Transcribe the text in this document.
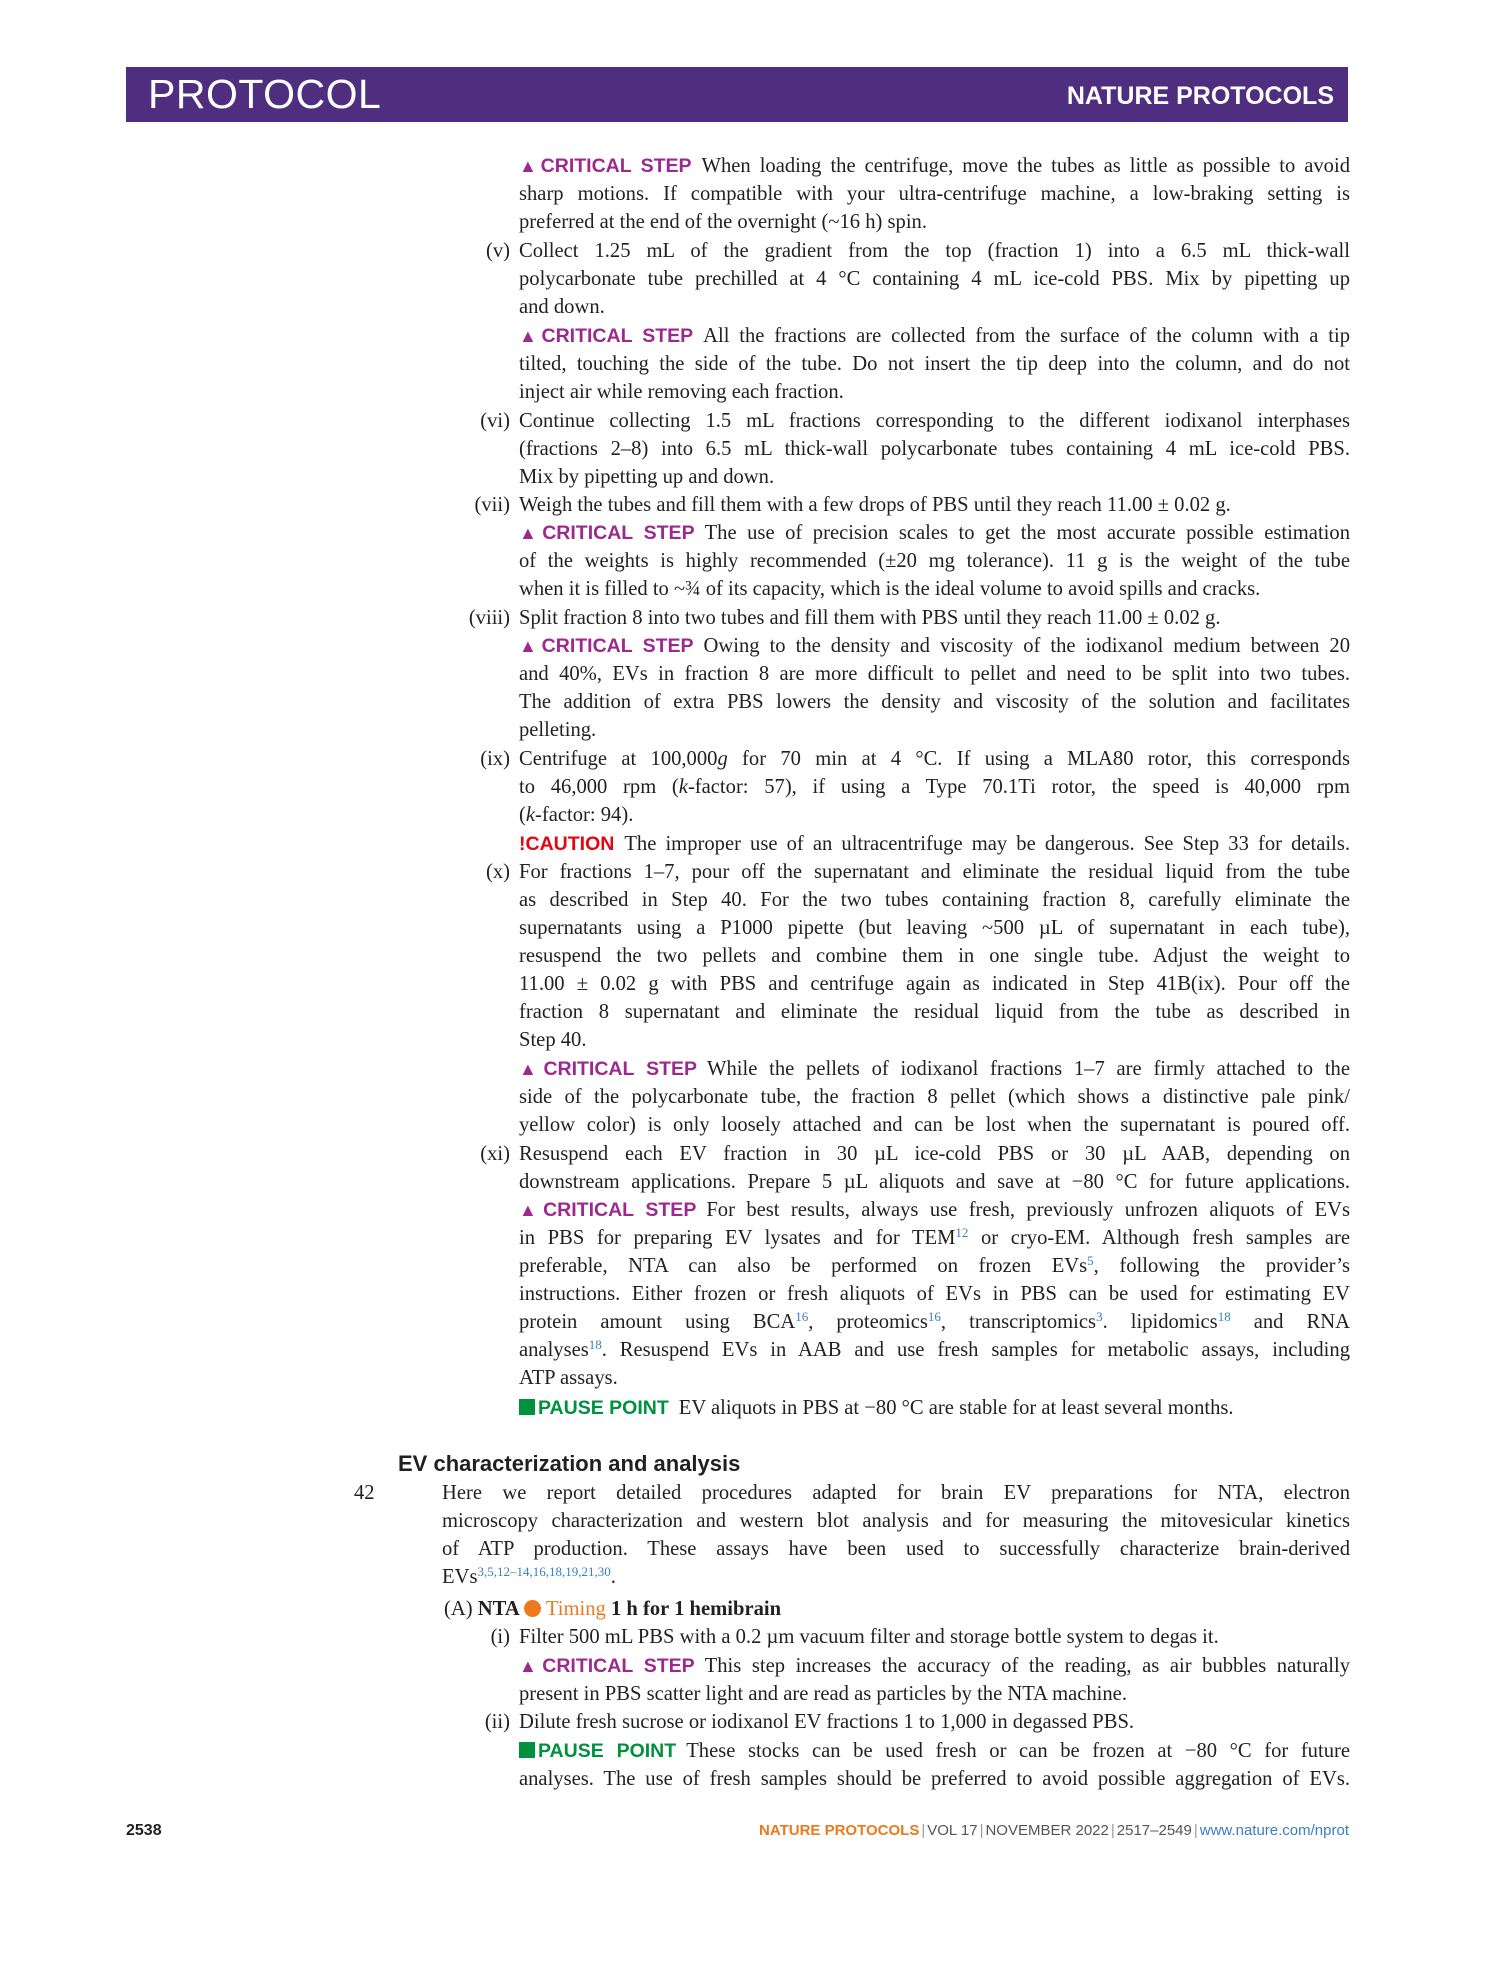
PROTOCOL	NATURE PROTOCOLS
▲CRITICAL STEP When loading the centrifuge, move the tubes as little as possible to avoid
sharp motions. If compatible with your ultra-centrifuge machine, a low-braking setting is
preferred at the end of the overnight (~16 h) spin.
(v) Collect 1.25 mL of the gradient from the top (fraction 1) into a 6.5 mL thick-wall
polycarbonate tube prechilled at 4 °C containing 4 mL ice-cold PBS. Mix by pipetting up
and down.
▲CRITICAL STEP All the fractions are collected from the surface of the column with a tip
tilted, touching the side of the tube. Do not insert the tip deep into the column, and do not
inject air while removing each fraction.
(vi) Continue collecting 1.5 mL fractions corresponding to the different iodixanol interphases
(fractions 2–8) into 6.5 mL thick-wall polycarbonate tubes containing 4 mL ice-cold PBS.
Mix by pipetting up and down.
(vii) Weigh the tubes and fill them with a few drops of PBS until they reach 11.00 ± 0.02 g.
▲CRITICAL STEP The use of precision scales to get the most accurate possible estimation
of the weights is highly recommended (±20 mg tolerance). 11 g is the weight of the tube
when it is filled to ~¾ of its capacity, which is the ideal volume to avoid spills and cracks.
(viii) Split fraction 8 into two tubes and fill them with PBS until they reach 11.00 ± 0.02 g.
▲CRITICAL STEP Owing to the density and viscosity of the iodixanol medium between 20
and 40%, EVs in fraction 8 are more difficult to pellet and need to be split into two tubes.
The addition of extra PBS lowers the density and viscosity of the solution and facilitates
pelleting.
(ix) Centrifuge at 100,000g for 70 min at 4 °C. If using a MLA80 rotor, this corresponds
to 46,000 rpm (k-factor: 57), if using a Type 70.1Ti rotor, the speed is 40,000 rpm
(k-factor: 94).
!CAUTION The improper use of an ultracentrifuge may be dangerous. See Step 33 for details.
(x) For fractions 1–7, pour off the supernatant and eliminate the residual liquid from the tube
as described in Step 40. For the two tubes containing fraction 8, carefully eliminate the
supernatants using a P1000 pipette (but leaving ~500 µL of supernatant in each tube),
resuspend the two pellets and combine them in one single tube. Adjust the weight to
11.00 ± 0.02 g with PBS and centrifuge again as indicated in Step 41B(ix). Pour off the
fraction 8 supernatant and eliminate the residual liquid from the tube as described in
Step 40.
▲CRITICAL STEP While the pellets of iodixanol fractions 1–7 are firmly attached to the
side of the polycarbonate tube, the fraction 8 pellet (which shows a distinctive pale pink/
yellow color) is only loosely attached and can be lost when the supernatant is poured off.
(xi) Resuspend each EV fraction in 30 µL ice-cold PBS or 30 µL AAB, depending on
downstream applications. Prepare 5 µL aliquots and save at −80 °C for future applications.
▲CRITICAL STEP For best results, always use fresh, previously unfrozen aliquots of EVs
in PBS for preparing EV lysates and for TEM$^{12}$ or cryo-EM. Although fresh samples are
preferable, NTA can also be performed on frozen EVs$^5$, following the provider’s
instructions. Either frozen or fresh aliquots of EVs in PBS can be used for estimating EV
protein amount using BCA$^{16}$, proteomics$^{16}$, transcriptomics$^3$. lipidomics$^{18}$ and RNA
analyses$^{18}$. Resuspend EVs in AAB and use fresh samples for metabolic assays, including
ATP assays.
PAUSE POINT EV aliquots in PBS at −80 °C are stable for at least several months.
EV characterization and analysis
42	Here we report detailed procedures adapted for brain EV preparations for NTA, electron
microscopy characterization and western blot analysis and for measuring the mitovesicular kinetics
of ATP production. These assays have been used to successfully characterize brain-derived
EVs$^{3,5,12-14,16,18,19,21,30}$.
(A) NTA Timing 1 h for 1 hemibrain
(i) Filter 500 mL PBS with a 0.2 µm vacuum filter and storage bottle system to degas it.
▲CRITICAL STEP This step increases the accuracy of the reading, as air bubbles naturally
present in PBS scatter light and are read as particles by the NTA machine.
(ii) Dilute fresh sucrose or iodixanol EV fractions 1 to 1,000 in degassed PBS.
PAUSE POINT These stocks can be used fresh or can be frozen at −80 °C for future
analyses. The use of fresh samples should be preferred to avoid possible aggregation of EVs.
2538	NATURE PROTOCOLS | VOL 17 | NOVEMBER 2022 | 2517–2549 | www.nature.com/nprot
